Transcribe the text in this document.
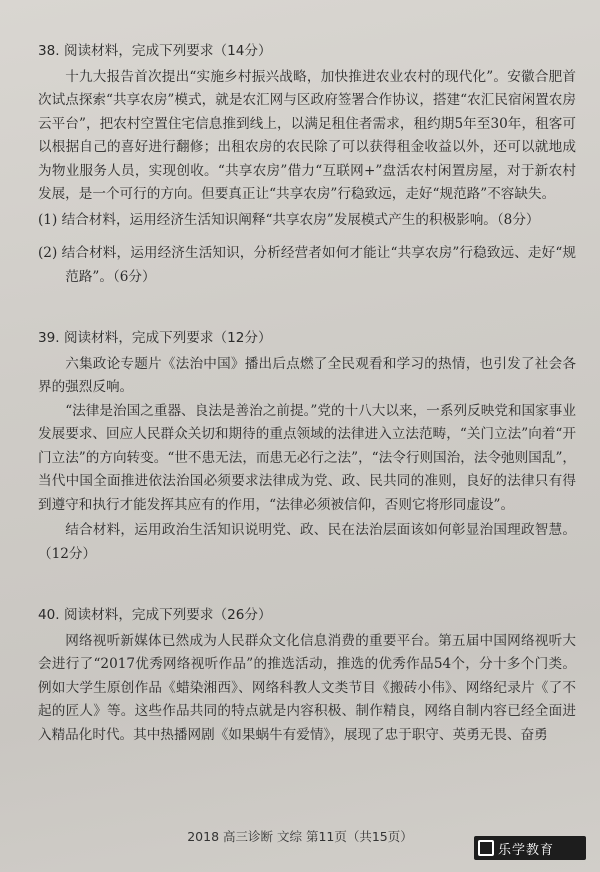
38. 阅读材料，完成下列要求（14分）
十九大报告首次提出“实施乡村振兴战略，加快推进农业农村的现代化”。安徽合肥首次试点探索“共享农房”模式，就是农汇网与区政府签署合作协议，搭建“农汇民宿闲置农房云平台”，把农村空置住宅信息推到线上，以满足租住者需求，租约期5年至30年，租客可以根据自己的喜好进行翻修；出租农房的农民除了可以获得租金收益以外，还可以就地成为物业服务人员，实现创收。“共享农房”借力“互联网+”盘活农村闲置房屋，对于新农村发展，是一个可行的方向。但要真正让“共享农房”行稳致远，走好“规范路”不容缺失。
(1) 结合材料，运用经济生活知识阐释“共享农房”发展模式产生的积极影响。（8分）
(2) 结合材料，运用经济生活知识，分析经营者如何才能让“共享农房”行稳致远、走好“规范路”。（6分）
39. 阅读材料，完成下列要求（12分）
六集政论专题片《法治中国》播出后点燃了全民观看和学习的热情，也引发了社会各界的强烈反响。
“法律是治国之重器、良法是善治之前提。”党的十八大以来，一系列反映党和国家事业发展要求、回应人民群众关切和期待的重点领域的法律进入立法范畴，“关门立法”向着“开门立法”的方向转变。“世不患无法，而患无必行之法”，“法令行则国治，法令弛则国乱”，当代中国全面推进依法治国必须要求法律成为党、政、民共同的准则，良好的法律只有得到遵守和执行才能发挥其应有的作用，“法律必须被信仰，否则它将形同虚设”。
结合材料，运用政治生活知识说明党、政、民在法治层面该如何彰显治国理政智慧。（12分）
40. 阅读材料，完成下列要求（26分）
网络视听新媒体已然成为人民群众文化信息消费的重要平台。第五届中国网络视听大会进行了“2017优秀网络视听作品”的推选活动，推选的优秀作品54个，分十多个门类。例如大学生原创作品《蜡染湘西》、网络科教人文类节目《搬砖小伟》、网络纪录片《了不起的匠人》等。这些作品共同的特点就是内容积极、制作精良，网络自制内容已经全面进入精品化时代。其中热播网剧《如果蜗牛有爱情》，展现了忠于职守、英勇无畏、奋勇
2018 高三诊断 文综 第11页（共15页）
乐学教育
